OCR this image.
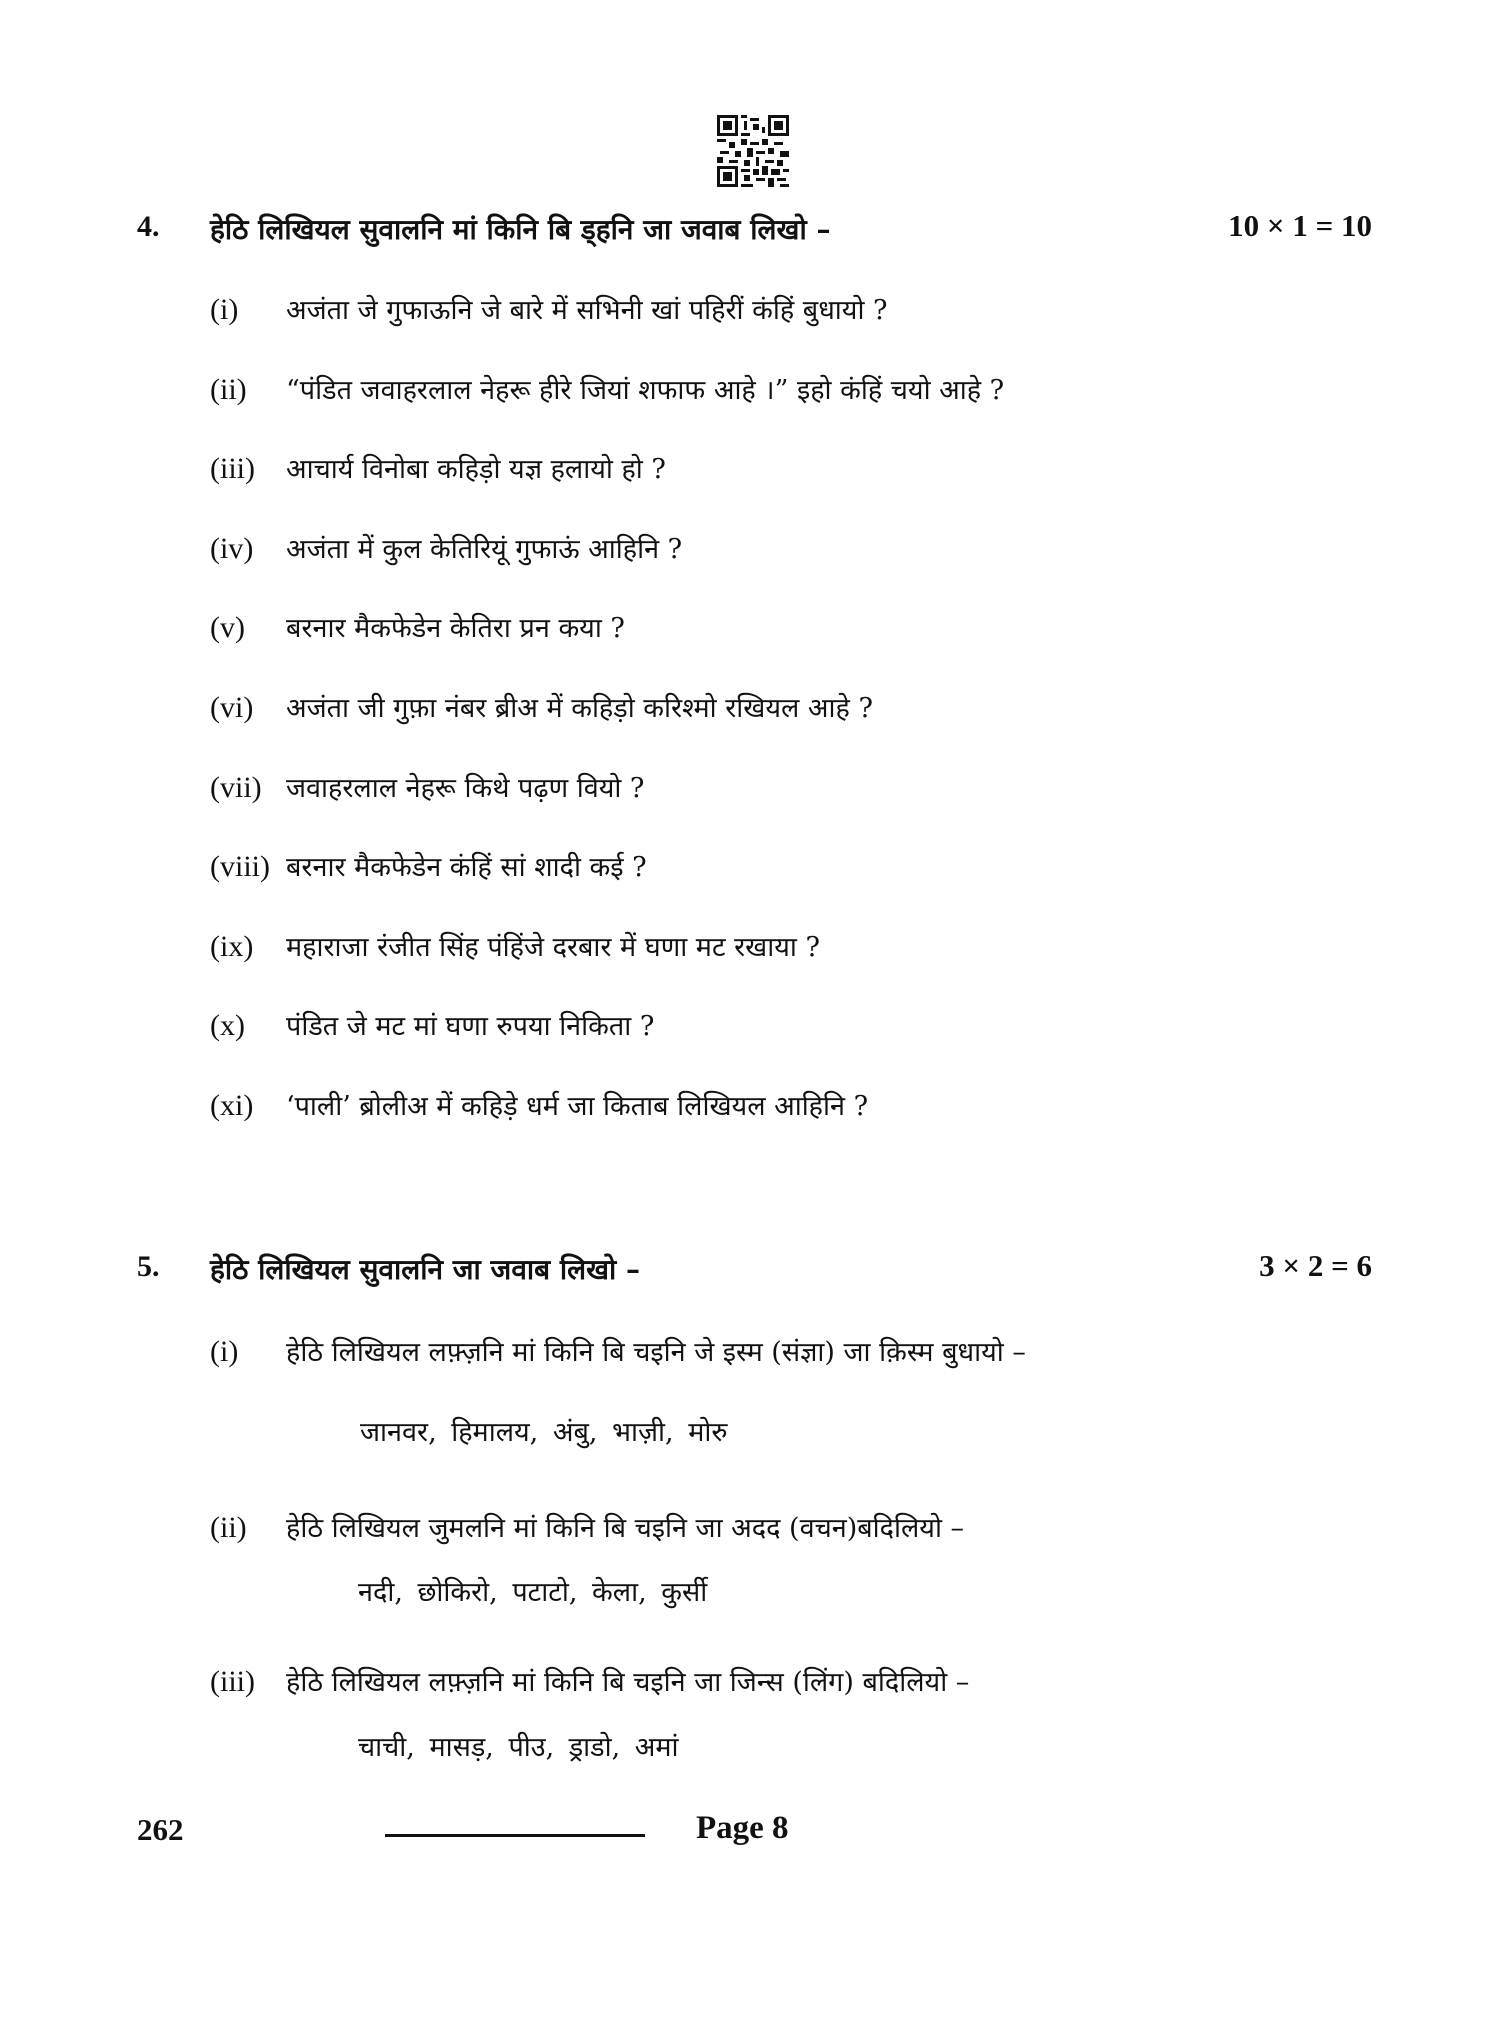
4. हेठि लिखियल सुवालनि मां किनि बि ड्हनि जा जवाब लिखो –	10 × 1 = 10
(i) अजंता जे गुफाऊनि जे बारे में सभिनी खां पहिरीं कंहिं बुधायो ?
(ii) “पंडित जवाहरलाल नेहरू हीरे जियां शफाफ आहे ।” इहो कंहिं चयो आहे ?
(iii) आचार्य विनोबा कहिड़ो यज्ञ हलायो हो ?
(iv) अजंता में कुल केतिरियूं गुफाऊं आहिनि ?
(v) बरनार मैकफेडेन केतिरा प्रन कया ?
(vi) अजंता जी गुफ़ा नंबर ब्रीअ में कहिड़ो करिश्मो रखियल आहे ?
(vii) जवाहरलाल नेहरू किथे पढ़ण वियो ?
(viii) बरनार मैकफेडेन कंहिं सां शादी कई ?
(ix) महाराजा रंजीत सिंह पंहिंजे दरबार में घणा मट रखाया ?
(x) पंडित जे मट मां घणा रुपया निकिता ?
(xi) ‘पाली’ ब्रोलीअ में कहिड़े धर्म जा किताब लिखियल आहिनि ?
5. हेठि लिखियल सुवालनि जा जवाब लिखो –	3 × 2 = 6
(i) हेठि लिखियल लफ़्ज़नि मां किनि बि चइनि जे इस्म (संज्ञा) जा क़िस्म बुधायो –
जानवर, हिमालय, अंबु, भाज़ी, मोरु
(ii) हेठि लिखियल जुमलनि मां किनि बि चइनि जा अदद (वचन)बदिलियो –
नदी, छोकिरो, पटाटो, केला, कुर्सी
(iii) हेठि लिखियल लफ़्ज़नि मां किनि बि चइनि जा जिन्स (लिंग) बदिलियो –
चाची, मासड़, पीउ, ड्राडो, अमां
262	Page 8
